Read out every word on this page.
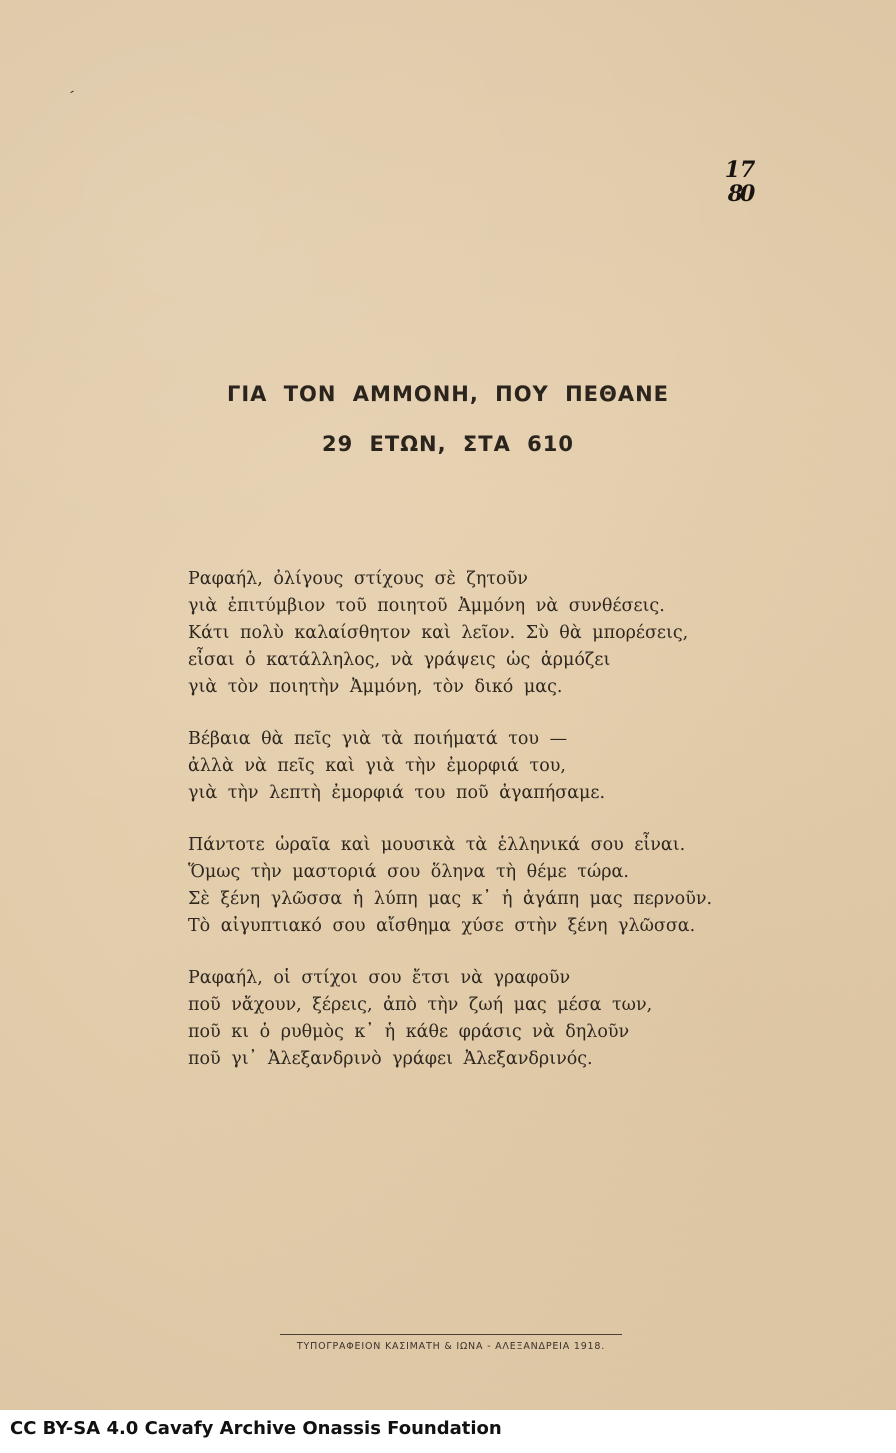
ˏ
17
80
ΓΙΑ ΤΟΝ ΑΜΜΟΝΗ, ΠΟΥ ΠΕΘΑΝΕ
29 ΕΤΩΝ, ΣΤΑ 610
Ραφαήλ, ὀλίγους στίχους σὲ ζητοῦν
γιὰ ἐπιτύμβιον τοῦ ποιητοῦ Ἀμμόνη νὰ συνθέσεις.
Κάτι πολὺ καλαίσθητον καὶ λεῖον. Σὺ θὰ μπορέσεις,
εἶσαι ὁ κατάλληλος, νὰ γράψεις ὡς ἁρμόζει
γιὰ τὸν ποιητὴν Ἀμμόνη, τὸν δικό μας.
Βέβαια θὰ πεῖς γιὰ τὰ ποιήματά του —
ἀλλὰ νὰ πεῖς καὶ γιὰ τὴν ἐμορφιά του,
γιὰ τὴν λεπτὴ ἐμορφιά του ποῦ ἀγαπήσαμε.
Πάντοτε ὡραῖα καὶ μουσικὰ τὰ ἑλληνικά σου εἶναι.
Ὅμως τὴν μαστοριά σου ὅληνα τὴ θέμε τώρα.
Σὲ ξένη γλῶσσα ἡ λύπη μας κ᾽ ἡ ἀγάπη μας περνοῦν.
Τὸ αἰγυπτιακό σου αἴσθημα χύσε στὴν ξένη γλῶσσα.
Ραφαήλ, οἱ στίχοι σου ἔτσι νὰ γραφοῦν
ποῦ νἄχουν, ξέρεις, ἀπὸ τὴν ζωή μας μέσα των,
ποῦ κι ὁ ρυθμὸς κ᾽ ἡ κάθε φράσις νὰ δηλοῦν
ποῦ γι᾽ Ἀλεξανδρινὸ γράφει Ἀλεξανδρινός.
ΤΥΠΟΓΡΑΦΕΙΟΝ ΚΑΣΙΜΑΤΗ & ΙΩΝΑ - ΑΛΕΞΑΝΔΡΕΙΑ 1918.
CC BY-SA 4.0 Cavafy Archive Onassis Foundation
